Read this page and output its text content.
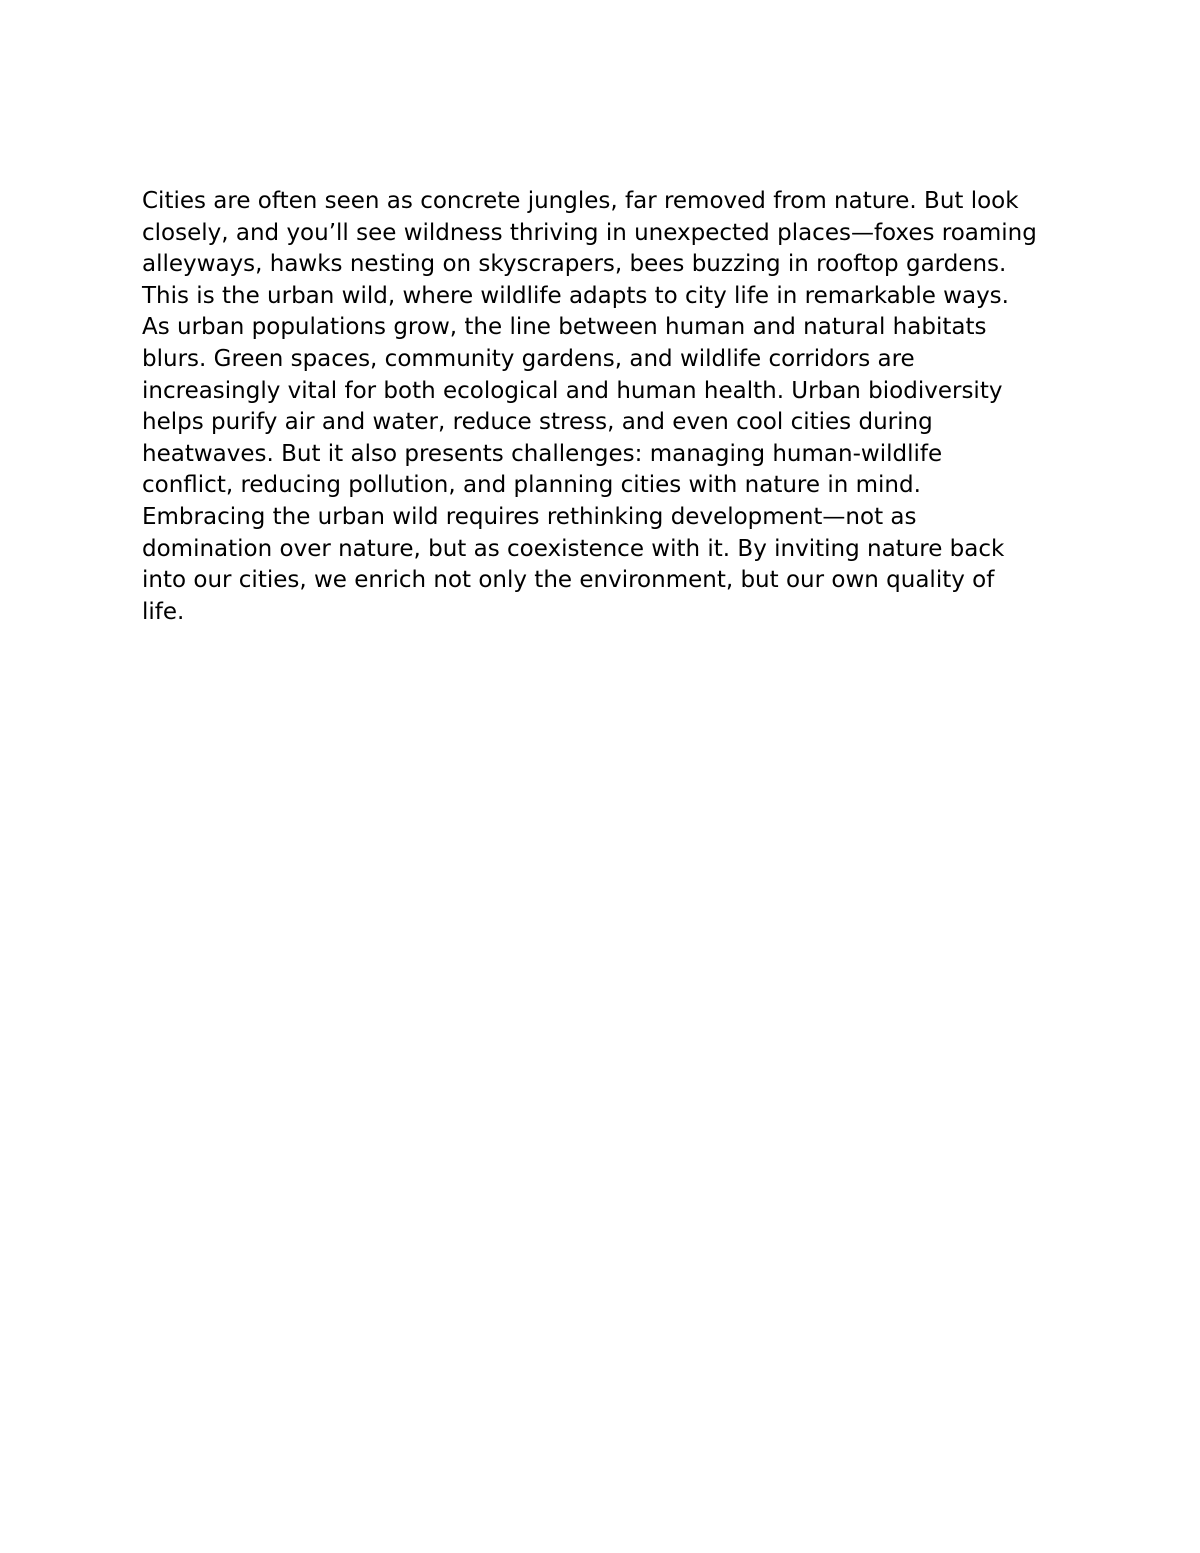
Cities are often seen as concrete jungles, far removed from nature. But look
closely, and you’ll see wildness thriving in unexpected places—foxes roaming
alleyways, hawks nesting on skyscrapers, bees buzzing in rooftop gardens.
This is the urban wild, where wildlife adapts to city life in remarkable ways.
As urban populations grow, the line between human and natural habitats
blurs. Green spaces, community gardens, and wildlife corridors are
increasingly vital for both ecological and human health. Urban biodiversity
helps purify air and water, reduce stress, and even cool cities during
heatwaves. But it also presents challenges: managing human-wildlife
conflict, reducing pollution, and planning cities with nature in mind.
Embracing the urban wild requires rethinking development—not as
domination over nature, but as coexistence with it. By inviting nature back
into our cities, we enrich not only the environment, but our own quality of
life.
